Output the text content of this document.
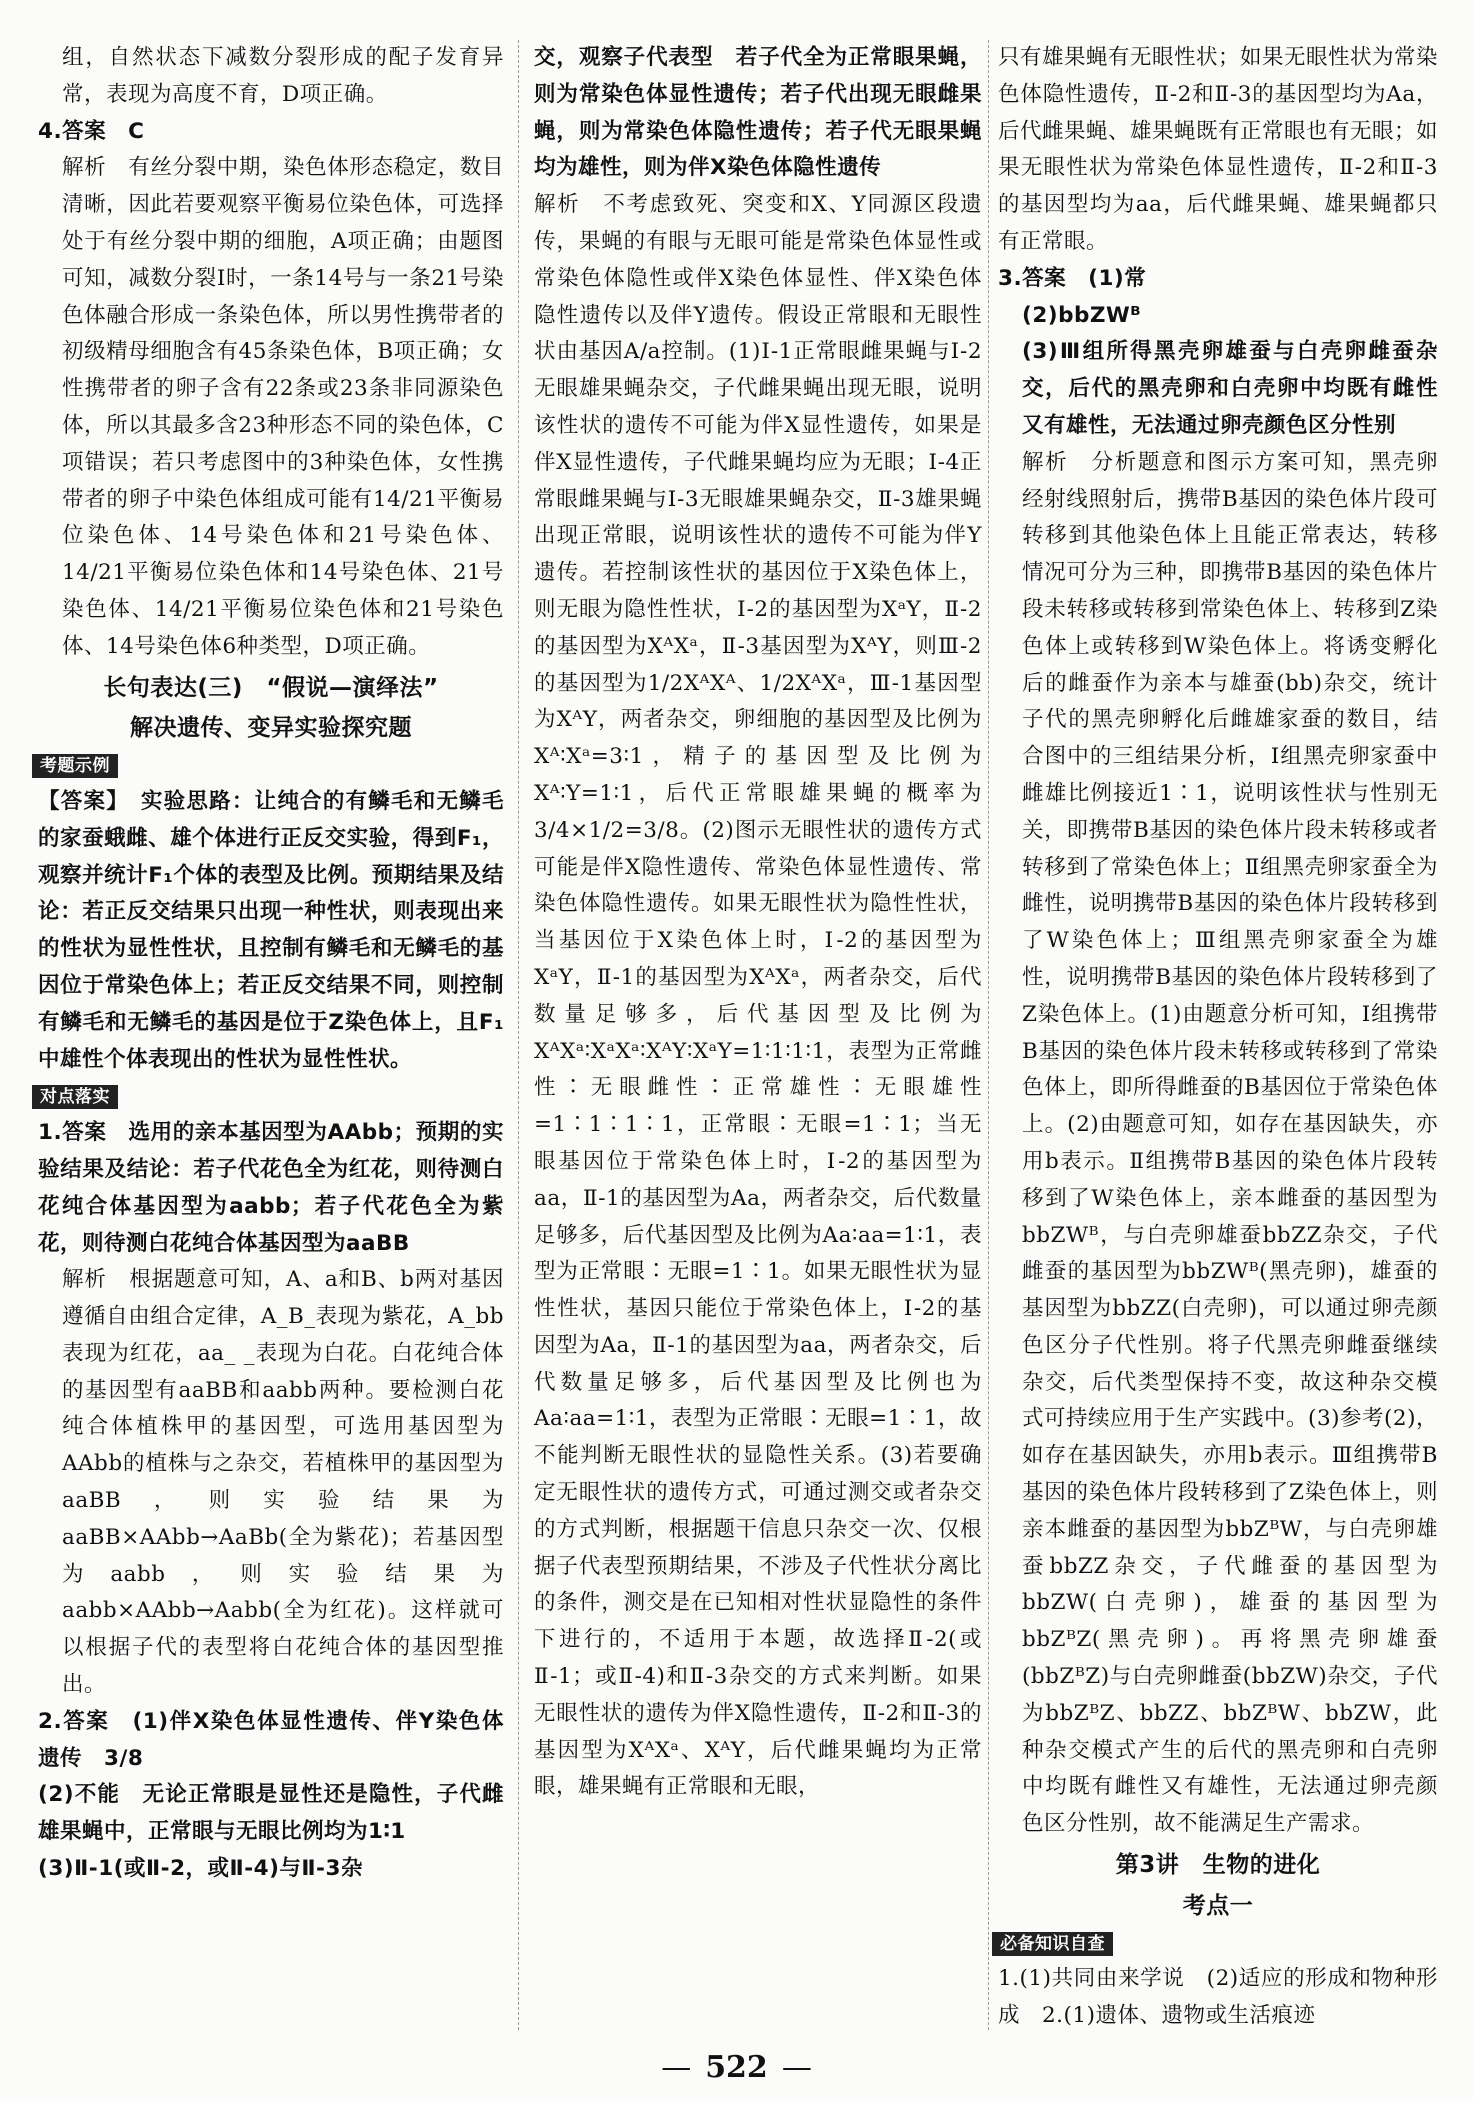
组，自然状态下减数分裂形成的配子发育异常，表现为高度不育，D项正确。
4.答案　C
解析　有丝分裂中期，染色体形态稳定，数目清晰，因此若要观察平衡易位染色体，可选择处于有丝分裂中期的细胞，A项正确；由题图可知，减数分裂Ⅰ时，一条14号与一条21号染色体融合形成一条染色体，所以男性携带者的初级精母细胞含有45条染色体，B项正确；女性携带者的卵子含有22条或23条非同源染色体，所以其最多含23种形态不同的染色体，C项错误；若只考虑图中的3种染色体，女性携带者的卵子中染色体组成可能有14/21平衡易位染色体、14号染色体和21号染色体、14/21平衡易位染色体和14号染色体、21号染色体、14/21平衡易位染色体和21号染色体、14号染色体6种类型，D项正确。
长句表达(三)　“假说—演绎法”
解决遗传、变异实验探究题
考题示例

【答案】　实验思路：让纯合的有鳞毛和无鳞毛的家蚕蛾雌、雄个体进行正反交实验，得到F₁，观察并统计F₁个体的表型及比例。预期结果及结论：若正反交结果只出现一种性状，则表现出来的性状为显性性状，且控制有鳞毛和无鳞毛的基因位于常染色体上；若正反交结果不同，则控制有鳞毛和无鳞毛的基因是位于Z染色体上，且F₁中雄性个体表现出的性状为显性性状。
对点落实

1.答案　选用的亲本基因型为AAbb；预期的实验结果及结论：若子代花色全为红花，则待测白花纯合体基因型为aabb；若子代花色全为紫花，则待测白花纯合体基因型为aaBB
解析　根据题意可知，A、a和B、b两对基因遵循自由组合定律，A_B_表现为紫花，A_bb表现为红花，aa_ _表现为白花。白花纯合体的基因型有aaBB和aabb两种。要检测白花纯合体植株甲的基因型，可选用基因型为AAbb的植株与之杂交，若植株甲的基因型为aaBB，则实验结果为aaBB×AAbb→AaBb(全为紫花)；若基因型为aabb，则实验结果为aabb×AAbb→Aabb(全为红花)。这样就可以根据子代的表型将白花纯合体的基因型推出。
2.答案　(1)伴X染色体显性遗传、伴Y染色体遗传　3/8
(2)不能　无论正常眼是显性还是隐性，子代雌雄果蝇中，正常眼与无眼比例均为1∶1
(3)Ⅱ-1(或Ⅱ-2，或Ⅱ-4)与Ⅱ-3杂
交，观察子代表型　若子代全为正常眼果蝇，则为常染色体显性遗传；若子代出现无眼雌果蝇，则为常染色体隐性遗传；若子代无眼果蝇均为雄性，则为伴X染色体隐性遗传
解析　不考虑致死、突变和X、Y同源区段遗传，果蝇的有眼与无眼可能是常染色体显性或常染色体隐性或伴X染色体显性、伴X染色体隐性遗传以及伴Y遗传。假设正常眼和无眼性状由基因A/a控制。(1)Ⅰ-1正常眼雌果蝇与Ⅰ-2无眼雄果蝇杂交，子代雌果蝇出现无眼，说明该性状的遗传不可能为伴X显性遗传，如果是伴X显性遗传，子代雌果蝇均应为无眼；Ⅰ-4正常眼雌果蝇与Ⅰ-3无眼雄果蝇杂交，Ⅱ-3雄果蝇出现正常眼，说明该性状的遗传不可能为伴Y遗传。若控制该性状的基因位于X染色体上，则无眼为隐性性状，Ⅰ-2的基因型为XᵃY，Ⅱ-2的基因型为XᴬXᵃ，Ⅱ-3基因型为XᴬY，则Ⅲ-2的基因型为1/2XᴬXᴬ、1/2XᴬXᵃ，Ⅲ-1基因型为XᴬY，两者杂交，卵细胞的基因型及比例为Xᴬ∶Xᵃ=3∶1，精子的基因型及比例为Xᴬ∶Y=1∶1，后代正常眼雄果蝇的概率为3/4×1/2=3/8。(2)图示无眼性状的遗传方式可能是伴X隐性遗传、常染色体显性遗传、常染色体隐性遗传。如果无眼性状为隐性性状，当基因位于X染色体上时，Ⅰ-2的基因型为XᵃY，Ⅱ-1的基因型为XᴬXᵃ，两者杂交，后代数量足够多，后代基因型及比例为XᴬXᵃ∶XᵃXᵃ∶XᴬY∶XᵃY=1∶1∶1∶1，表型为正常雌性∶无眼雌性∶正常雄性∶无眼雄性=1∶1∶1∶1，正常眼∶无眼=1∶1；当无眼基因位于常染色体上时，Ⅰ-2的基因型为aa，Ⅱ-1的基因型为Aa，两者杂交，后代数量足够多，后代基因型及比例为Aa∶aa=1∶1，表型为正常眼∶无眼=1∶1。如果无眼性状为显性性状，基因只能位于常染色体上，Ⅰ-2的基因型为Aa，Ⅱ-1的基因型为aa，两者杂交，后代数量足够多，后代基因型及比例也为Aa∶aa=1∶1，表型为正常眼∶无眼=1∶1，故不能判断无眼性状的显隐性关系。(3)若要确定无眼性状的遗传方式，可通过测交或者杂交的方式判断，根据题干信息只杂交一次、仅根据子代表型预期结果，不涉及子代性状分离比的条件，测交是在已知相对性状显隐性的条件下进行的，不适用于本题，故选择Ⅱ-2(或Ⅱ-1；或Ⅱ-4)和Ⅱ-3杂交的方式来判断。如果无眼性状的遗传为伴X隐性遗传，Ⅱ-2和Ⅱ-3的基因型为XᴬXᵃ、XᴬY，后代雌果蝇均为正常眼，雄果蝇有正常眼和无眼，
只有雄果蝇有无眼性状；如果无眼性状为常染色体隐性遗传，Ⅱ-2和Ⅱ-3的基因型均为Aa，后代雌果蝇、雄果蝇既有正常眼也有无眼；如果无眼性状为常染色体显性遗传，Ⅱ-2和Ⅱ-3的基因型均为aa，后代雌果蝇、雄果蝇都只有正常眼。
3.答案　(1)常
(2)bbZWᴮ
(3)Ⅲ组所得黑壳卵雄蚕与白壳卵雌蚕杂交，后代的黑壳卵和白壳卵中均既有雌性又有雄性，无法通过卵壳颜色区分性别
解析　分析题意和图示方案可知，黑壳卵经射线照射后，携带B基因的染色体片段可转移到其他染色体上且能正常表达，转移情况可分为三种，即携带B基因的染色体片段未转移或转移到常染色体上、转移到Z染色体上或转移到W染色体上。将诱变孵化后的雌蚕作为亲本与雄蚕(bb)杂交，统计子代的黑壳卵孵化后雌雄家蚕的数目，结合图中的三组结果分析，Ⅰ组黑壳卵家蚕中雌雄比例接近1∶1，说明该性状与性别无关，即携带B基因的染色体片段未转移或者转移到了常染色体上；Ⅱ组黑壳卵家蚕全为雌性，说明携带B基因的染色体片段转移到了W染色体上；Ⅲ组黑壳卵家蚕全为雄性，说明携带B基因的染色体片段转移到了Z染色体上。(1)由题意分析可知，Ⅰ组携带B基因的染色体片段未转移或转移到了常染色体上，即所得雌蚕的B基因位于常染色体上。(2)由题意可知，如存在基因缺失，亦用b表示。Ⅱ组携带B基因的染色体片段转移到了W染色体上，亲本雌蚕的基因型为bbZWᴮ，与白壳卵雄蚕bbZZ杂交，子代雌蚕的基因型为bbZWᴮ(黑壳卵)，雄蚕的基因型为bbZZ(白壳卵)，可以通过卵壳颜色区分子代性别。将子代黑壳卵雌蚕继续杂交，后代类型保持不变，故这种杂交模式可持续应用于生产实践中。(3)参考(2)，如存在基因缺失，亦用b表示。Ⅲ组携带B基因的染色体片段转移到了Z染色体上，则亲本雌蚕的基因型为bbZᴮW，与白壳卵雄蚕bbZZ杂交，子代雌蚕的基因型为bbZW(白壳卵)，雄蚕的基因型为bbZᴮZ(黑壳卵)。再将黑壳卵雄蚕(bbZᴮZ)与白壳卵雌蚕(bbZW)杂交，子代为bbZᴮZ、bbZZ、bbZᴮW、bbZW，此种杂交模式产生的后代的黑壳卵和白壳卵中均既有雌性又有雄性，无法通过卵壳颜色区分性别，故不能满足生产需求。
第3讲　生物的进化
考点一
必备知识自查

1.(1)共同由来学说　(2)适应的形成和物种形成　2.(1)遗体、遗物或生活痕迹
— 522 —
